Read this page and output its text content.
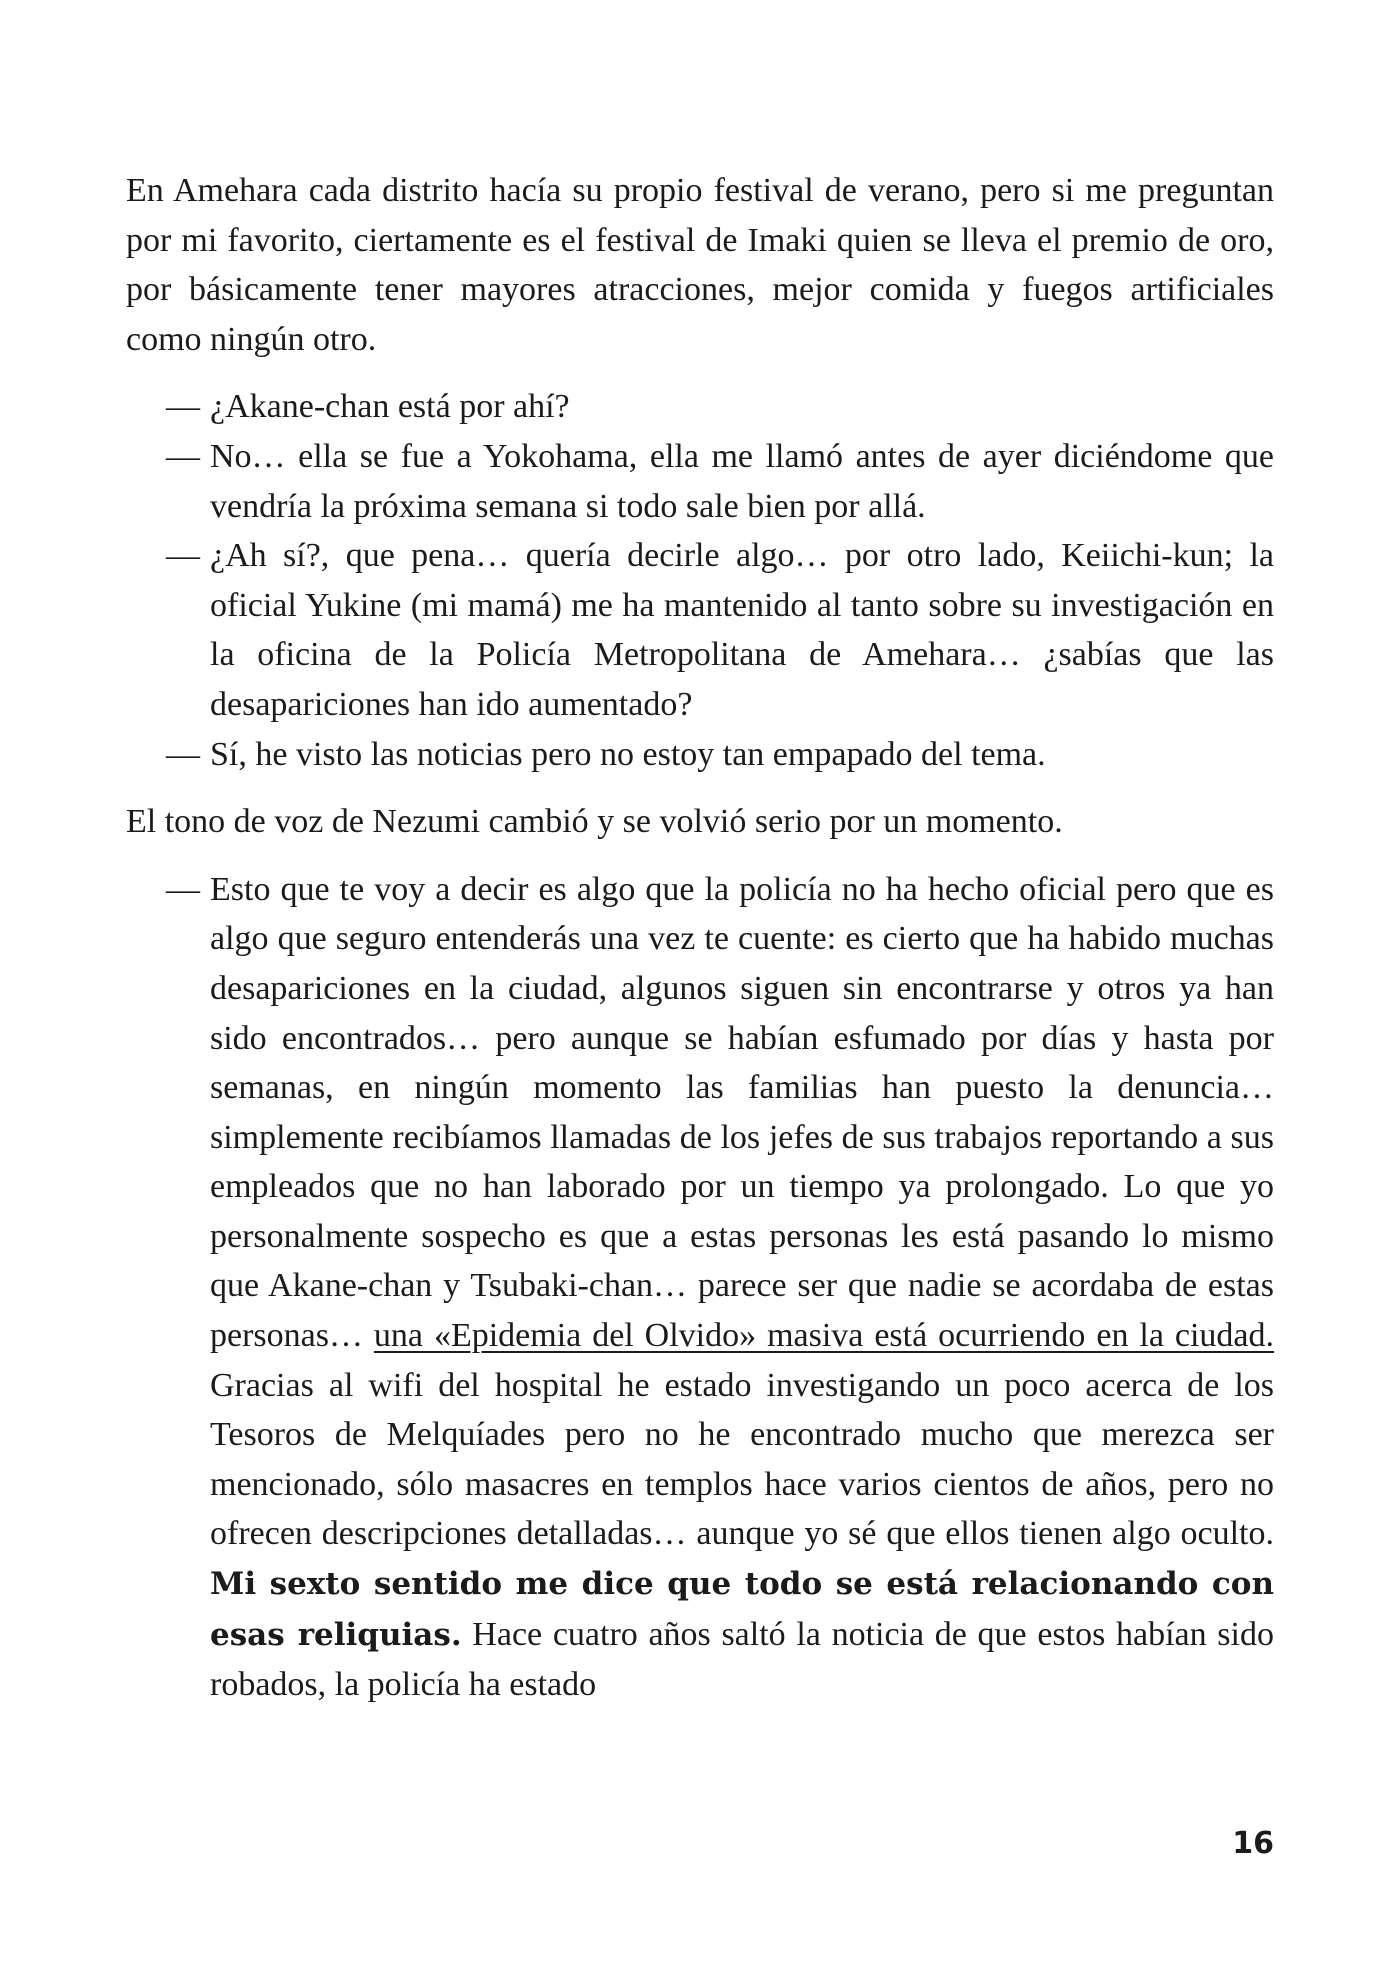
En Amehara cada distrito hacía su propio festival de verano, pero si me preguntan por mi favorito, ciertamente es el festival de Imaki quien se lleva el premio de oro, por básicamente tener mayores atracciones, mejor comida y fuegos artificiales como ningún otro.

— ¿Akane-chan está por ahí?

— No… ella se fue a Yokohama, ella me llamó antes de ayer diciéndome que vendría la próxima semana si todo sale bien por allá.

— ¿Ah sí?, que pena… quería decirle algo… por otro lado, Keiichi-kun; la oficial Yukine (mi mamá) me ha mantenido al tanto sobre su investigación en la oficina de la Policía Metropolitana de Amehara… ¿sabías que las desapariciones han ido aumentado?

— Sí, he visto las noticias pero no estoy tan empapado del tema.

El tono de voz de Nezumi cambió y se volvió serio por un momento.

— Esto que te voy a decir es algo que la policía no ha hecho oficial pero que es algo que seguro entenderás una vez te cuente: es cierto que ha habido muchas desapariciones en la ciudad, algunos siguen sin encontrarse y otros ya han sido encontrados… pero aunque se habían esfumado por días y hasta por semanas, en ningún momento las familias han puesto la denuncia… simplemente recibíamos llamadas de los jefes de sus trabajos reportando a sus empleados que no han laborado por un tiempo ya prolongado. Lo que yo personalmente sospecho es que a estas personas les está pasando lo mismo que Akane-chan y Tsubaki-chan… parece ser que nadie se acordaba de estas personas… una «Epidemia del Olvido» masiva está ocurriendo en la ciudad. Gracias al wifi del hospital he estado investigando un poco acerca de los Tesoros de Melquíades pero no he encontrado mucho que merezca ser mencionado, sólo masacres en templos hace varios cientos de años, pero no ofrecen descripciones detalladas… aunque yo sé que ellos tienen algo oculto. Mi sexto sentido me dice que todo se está relacionando con esas reliquias. Hace cuatro años saltó la noticia de que estos habían sido robados, la policía ha estado

16
